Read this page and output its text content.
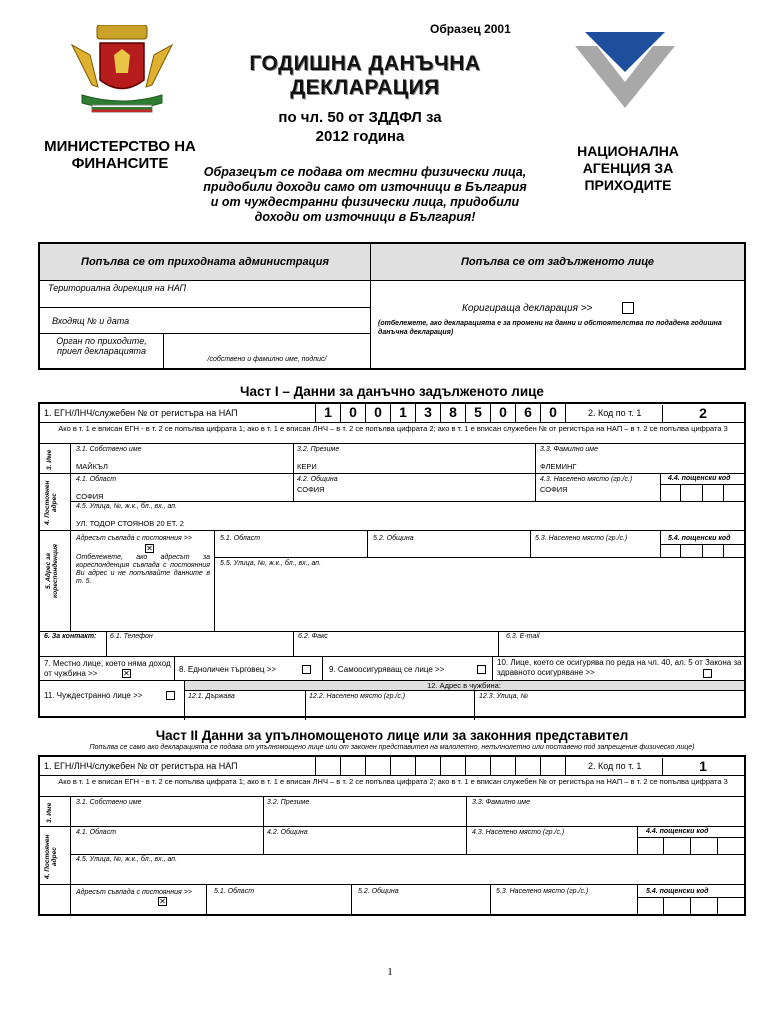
Образец 2001
ГОДИШНА ДАНЪЧНА ДЕКЛАРАЦИЯ
по чл. 50 от ЗДДФЛ за
2012 година
МИНИСТЕРСТВО НА ФИНАНСИТЕ
НАЦИОНАЛНА АГЕНЦИЯ ЗА ПРИХОДИТЕ
Образецът се подава от местни физически лица, придобили доходи само от източници в България и от чуждестранни физически лица, придобили доходи от източници в България!
Попълва се от приходната администрация	Попълва се от задълженото лице
Териториална дирекция на НАП
Входящ № и дата
Орган по приходите, приел декларацията
/собствено и фамилно име, подпис/
Коригираща декларация >>
(отбележете, ако декларацията е за промени на данни и обстоятелства по подадена годишна данъчна декларация)
Част I – Данни за данъчно задълженото лице
1. ЕГН/ЛНЧ/служебен № от регистъра на НАП	1	0	0	1	3	8	5	0	6	0	2. Код по т. 1	2
Ако в т. 1 е вписан ЕГН - в т. 2 се попълва цифрата 1; ако в т. 1 е вписан ЛНЧ – в т. 2 се попълва цифрата 2; ако в т. 1 е вписан служебен № от регистъра на НАП – в т. 2 се попълва цифрата 3
3. Име
3.1. Собствено име
МАЙКЪЛ
3.2. Презиме
КЕРИ
3.3. Фамилно име
ФЛЕМИНГ
4. Постоянен адрес
4.1. Област
СОФИЯ
4.2. Община
СОФИЯ
4.3. Населено място (гр./с.)
СОФИЯ
4.4. пощенски код
4.5. Улица, №, ж.к., бл., вх., ап.
УЛ. ТОДОР СТОЯНОВ 20 ЕТ. 2
5. Адрес за кореспонденция
Адресът съвпада с постоянния >>
✕
Отбележете, ако адресът за кореспонденция съвпада с постоянния Ви адрес и не попълвайте данните в т. 5.
5.1. Област	5.2. Община	5.3. Населено място (гр./с.)	5.4. пощенски код
5.5. Улица, №, ж.к., бл., вх., ап.
6. За контакт: 6.1. Телефон	6.2. Факс	6.3. E-mail
7. Местно лице, което няма доход от чужбина >>	✕	8. Едноличен търговец >>	9. Самоосигуряващ се лице >>
10. Лице, което се осигурява по реда на чл. 40, ал. 5 от Закона за здравното осигуряване >>
12. Адрес в чужбина:
11. Чуждестранно лице >>	12.1. Държава	12.2. Населено място (гр./с.)	12.3. Улица, №
Част II Данни за упълномощеното лице или за законния представител
Попълва се само ако декларацията се подава от упълномощено лице или от законен представител на малолетно, непълнолетно или поставено под запрещение физическо лице)
1. ЕГН/ЛНЧ/служебен № от регистъра на НАП	2. Код по т. 1	1
Ако в т. 1 е вписан ЕГН - в т. 2 се попълва цифрата 1; ако в т. 1 е вписан ЛНЧ – в т. 2 се попълва цифрата 2; ако в т. 1 е вписан служебен № от регистъра на НАП – в т. 2 се попълва цифрата 3
3. Име
3.1. Собствено име	3.2. Презиме	3.3. Фамилно име
4. Постоянен адрес
4.1. Област	4.2. Община	4.3. Населено място (гр./с.)	4.4. пощенски код
4.5. Улица, №, ж.к., бл., вх., ап.
Адресът съвпада с постоянния >>
✕
5.1. Област	5.2. Община	5.3. Населено място (гр./с.)	5.4. пощенски код
1
